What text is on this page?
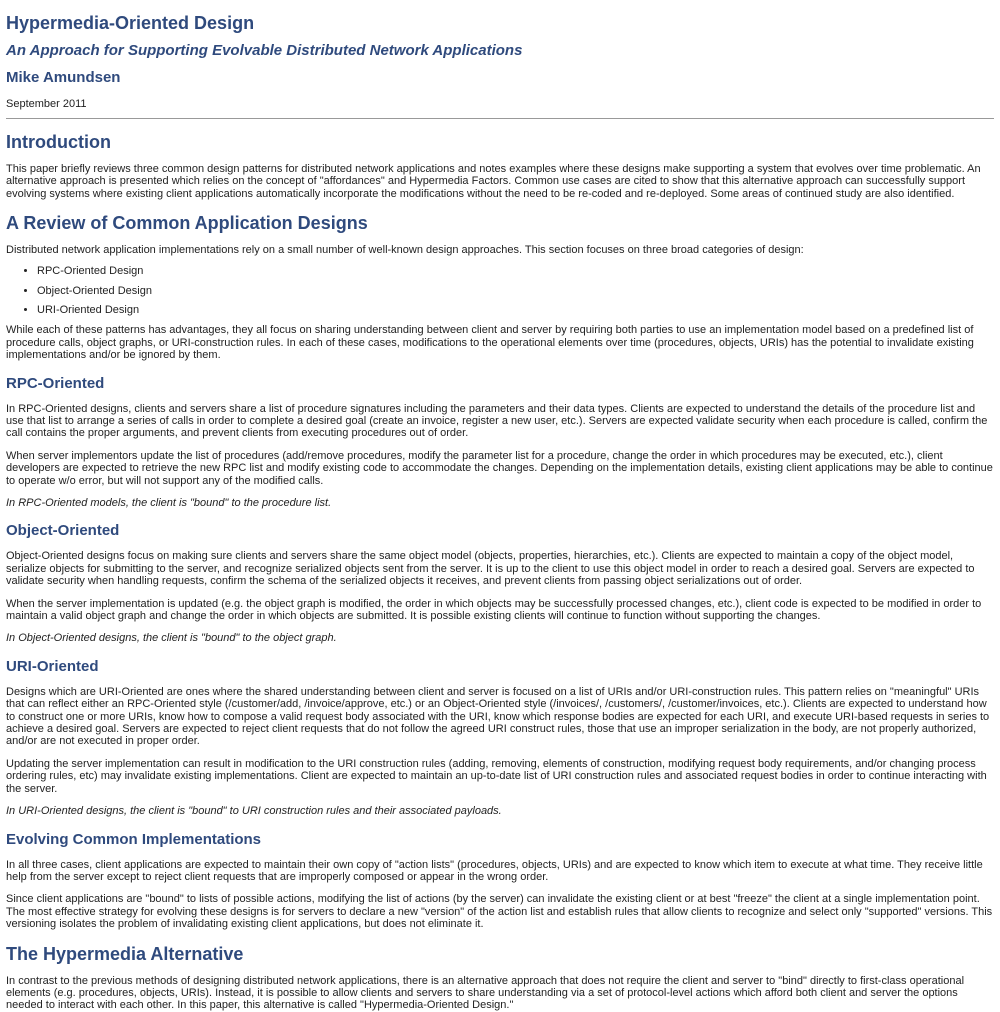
Hypermedia-Oriented Design
An Approach for Supporting Evolvable Distributed Network Applications
Mike Amundsen
September 2011
Introduction

This paper briefly reviews three common design patterns for distributed network applications and notes examples where these designs make supporting a system that evolves over time problematic. An alternative approach is presented which relies on the concept of "affordances" and Hypermedia Factors. Common use cases are cited to show that this alternative approach can successfully support evolving systems where existing client applications automatically incorporate the modifications without the need to be re-coded and re-deployed. Some areas of continued study are also identified.

A Review of Common Application Designs

Distributed network application implementations rely on a small number of well-known design approaches. This section focuses on three broad categories of design:

• RPC-Oriented Design
• Object-Oriented Design
• URI-Oriented Design

While each of these patterns has advantages, they all focus on sharing understanding between client and server by requiring both parties to use an implementation model based on a predefined list of procedure calls, object graphs, or URI-construction rules. In each of these cases, modifications to the operational elements over time (procedures, objects, URIs) has the potential to invalidate existing implementations and/or be ignored by them.

RPC-Oriented

In RPC-Oriented designs, clients and servers share a list of procedure signatures including the parameters and their data types. Clients are expected to understand the details of the procedure list and use that list to arrange a series of calls in order to complete a desired goal (create an invoice, register a new user, etc.). Servers are expected validate security when each procedure is called, confirm the call contains the proper arguments, and prevent clients from executing procedures out of order.

When server implementors update the list of procedures (add/remove procedures, modify the parameter list for a procedure, change the order in which procedures may be executed, etc.), client developers are expected to retrieve the new RPC list and modify existing code to accommodate the changes. Depending on the implementation details, existing client applications may be able to continue to operate w/o error, but will not support any of the modified calls.

In RPC-Oriented models, the client is "bound" to the procedure list.

Object-Oriented

Object-Oriented designs focus on making sure clients and servers share the same object model (objects, properties, hierarchies, etc.). Clients are expected to maintain a copy of the object model, serialize objects for submitting to the server, and recognize serialized objects sent from the server. It is up to the client to use this object model in order to reach a desired goal. Servers are expected to validate security when handling requests, confirm the schema of the serialized objects it receives, and prevent clients from passing object serializations out of order.

When the server implementation is updated (e.g. the object graph is modified, the order in which objects may be successfully processed changes, etc.), client code is expected to be modified in order to maintain a valid object graph and change the order in which objects are submitted. It is possible existing clients will continue to function without supporting the changes.

In Object-Oriented designs, the client is "bound" to the object graph.

URI-Oriented

Designs which are URI-Oriented are ones where the shared understanding between client and server is focused on a list of URIs and/or URI-construction rules. This pattern relies on "meaningful" URIs that can reflect either an RPC-Oriented style (/customer/add, /invoice/approve, etc.) or an Object-Oriented style (/invoices/, /customers/, /customer/invoices, etc.). Clients are expected to understand how to construct one or more URIs, know how to compose a valid request body associated with the URI, know which response bodies are expected for each URI, and execute URI-based requests in series to achieve a desired goal. Servers are expected to reject client requests that do not follow the agreed URI construct rules, those that use an improper serialization in the body, are not properly authorized, and/or are not executed in proper order.

Updating the server implementation can result in modification to the URI construction rules (adding, removing, elements of construction, modifying request body requirements, and/or changing process ordering rules, etc) may invalidate existing implementations. Client are expected to maintain an up-to-date list of URI construction rules and associated request bodies in order to continue interacting with the server.

In URI-Oriented designs, the client is "bound" to URI construction rules and their associated payloads.

Evolving Common Implementations

In all three cases, client applications are expected to maintain their own copy of "action lists" (procedures, objects, URIs) and are expected to know which item to execute at what time. They receive little help from the server except to reject client requests that are improperly composed or appear in the wrong order.

Since client applications are "bound" to lists of possible actions, modifying the list of actions (by the server) can invalidate the existing client or at best "freeze" the client at a single implementation point. The most effective strategy for evolving these designs is for servers to declare a new "version" of the action list and establish rules that allow clients to recognize and select only "supported" versions. This versioning isolates the problem of invalidating existing client applications, but does not eliminate it.

The Hypermedia Alternative

In contrast to the previous methods of designing distributed network applications, there is an alternative approach that does not require the client and server to "bind" directly to first-class operational elements (e.g. procedures, objects, URIs). Instead, it is possible to allow clients and servers to share understanding via a set of protocol-level actions which afford both client and server the options needed to interact with each other. In this paper, this alternative is called "Hypermedia-Oriented Design."
